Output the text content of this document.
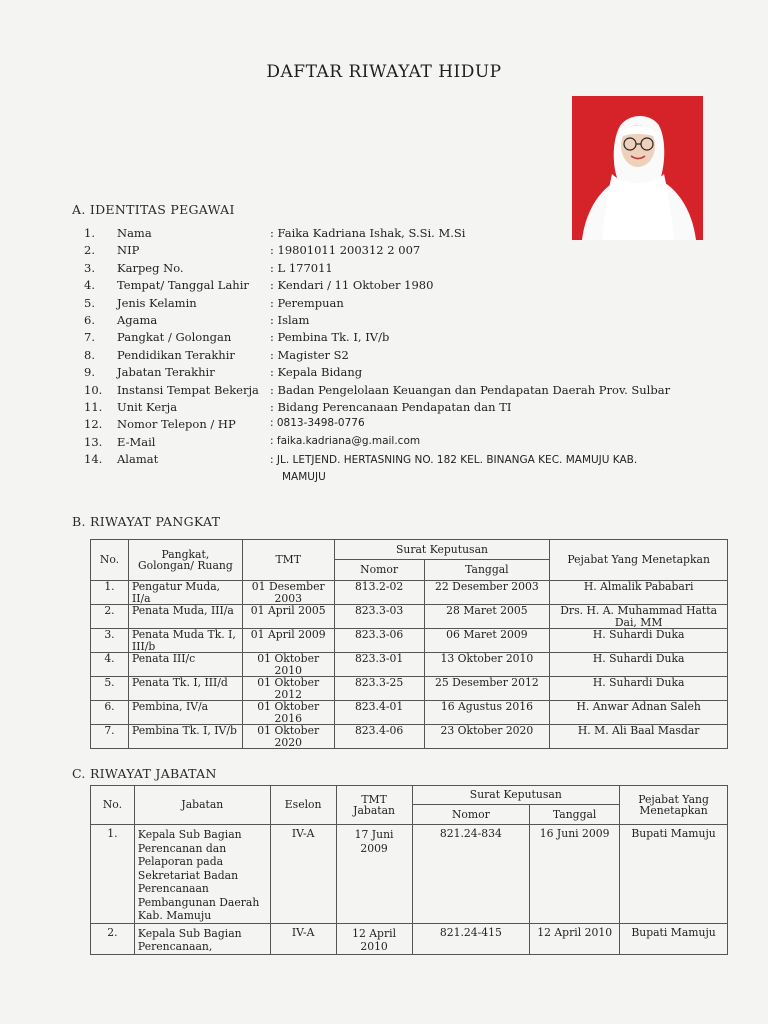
DAFTAR RIWAYAT HIDUP
A. IDENTITAS PEGAWAI
1.	Nama	: Faika Kadriana Ishak, S.Si. M.Si
2.	NIP	: 19801011 200312 2 007
3.	Karpeg No.	: L 177011
4.	Tempat/ Tanggal Lahir	: Kendari / 11 Oktober 1980
5.	Jenis Kelamin	: Perempuan
6.	Agama	: Islam
7.	Pangkat / Golongan	: Pembina Tk. I, IV/b
8.	Pendidikan Terakhir	: Magister S2
9.	Jabatan Terakhir	: Kepala Bidang
10.	Instansi Tempat Bekerja : Badan Pengelolaan Keuangan dan Pendapatan Daerah Prov. Sulbar
11.	Unit Kerja	: Bidang Perencanaan Pendapatan dan TI
12.	Nomor Telepon / HP	: 0813-3498-0776
13.	E-Mail	: faika.kadriana@g.mail.com
14.	Alamat	: JL. LETJEND. HERTASNING NO. 182 KEL. BINANGA KEC. MAMUJU KAB.
MAMUJU
B. RIWAYAT PANGKAT
No.	Pangkat, Golongan/ Ruang	TMT	Surat Keputusan		Pejabat Yang Menetapkan
			Nomor	Tanggal	
1.	Pengatur Muda, II/a	01 Desember 2003	813.2-02	22 Desember 2003	H. Almalik Pababari
2.	Penata Muda, III/a	01 April 2005	823.3-03	28 Maret 2005	Drs. H. A. Muhammad Hatta Dai, MM
3.	Penata Muda Tk. I, III/b	01 April 2009	823.3-06	06 Maret 2009	H. Suhardi Duka
4.	Penata III/c	01 Oktober 2010	823.3-01	13 Oktober 2010	H. Suhardi Duka
5.	Penata Tk. I, III/d	01 Oktober 2012	823.3-25	25 Desember 2012	H. Suhardi Duka
6.	Pembina, IV/a	01 Oktober 2016	823.4-01	16 Agustus 2016	H. Anwar Adnan Saleh
7.	Pembina Tk. I, IV/b	01 Oktober 2020	823.4-06	23 Oktober 2020	H. M. Ali Baal Masdar
C. RIWAYAT JABATAN
No.	Jabatan	Eselon	TMT Jabatan	Surat Keputusan		Pejabat Yang Menetapkan
				Nomor	Tanggal	
1.	Kepala Sub Bagian Perencanan dan Pelaporan pada Sekretariat Badan Perencanaan Pembangunan Daerah Kab. Mamuju	IV-A	17 Juni 2009	821.24-834	16 Juni 2009	Bupati Mamuju
2.	Kepala Sub Bagian Perencanaan,	IV-A	12 April 2010	821.24-415	12 April 2010	Bupati Mamuju
